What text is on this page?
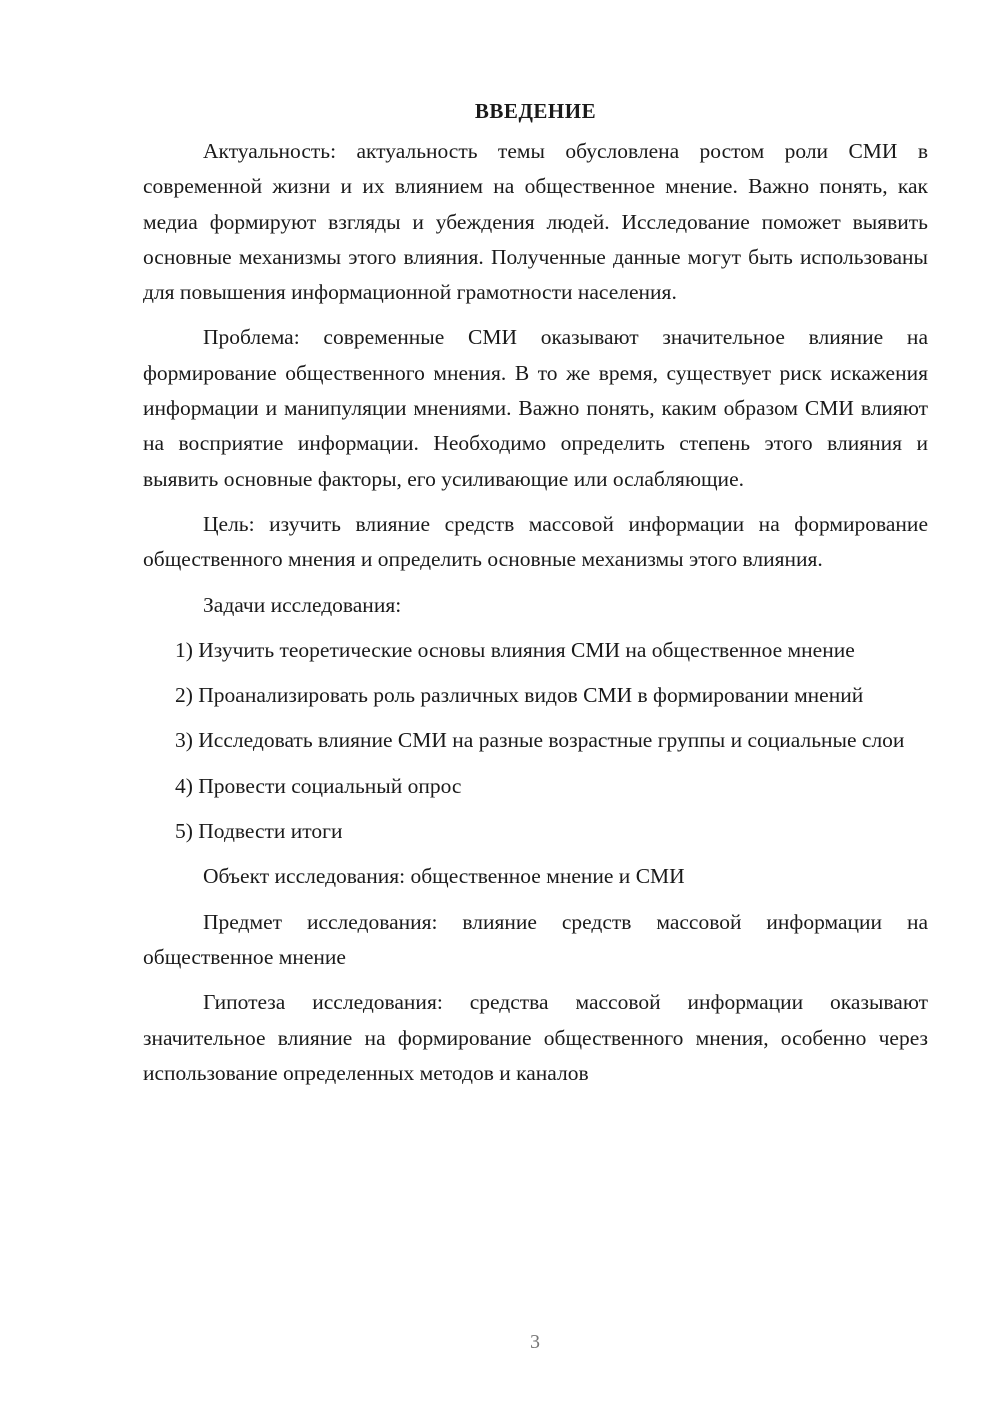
ВВЕДЕНИЕ

Актуальность: актуальность темы обусловлена ростом роли СМИ в современной жизни и их влиянием на общественное мнение. Важно понять, как медиа формируют взгляды и убеждения людей. Исследование поможет выявить основные механизмы этого влияния. Полученные данные могут быть использованы для повышения информационной грамотности населения.

Проблема: современные СМИ оказывают значительное влияние на формирование общественного мнения. В то же время, существует риск искажения информации и манипуляции мнениями. Важно понять, каким образом СМИ влияют на восприятие информации. Необходимо определить степень этого влияния и выявить основные факторы, его усиливающие или ослабляющие.

Цель: изучить влияние средств массовой информации на формирование общественного мнения и определить основные механизмы этого влияния.

Задачи исследования:

1) Изучить теоретические основы влияния СМИ на общественное мнение

2) Проанализировать роль различных видов СМИ в формировании мнений

3) Исследовать влияние СМИ на разные возрастные группы и социальные слои

4) Провести социальный опрос

5) Подвести итоги

Объект исследования: общественное мнение и СМИ

Предмет исследования: влияние средств массовой информации на общественное мнение

Гипотеза исследования: средства массовой информации оказывают значительное влияние на формирование общественного мнения, особенно через использование определенных методов и каналов

3
